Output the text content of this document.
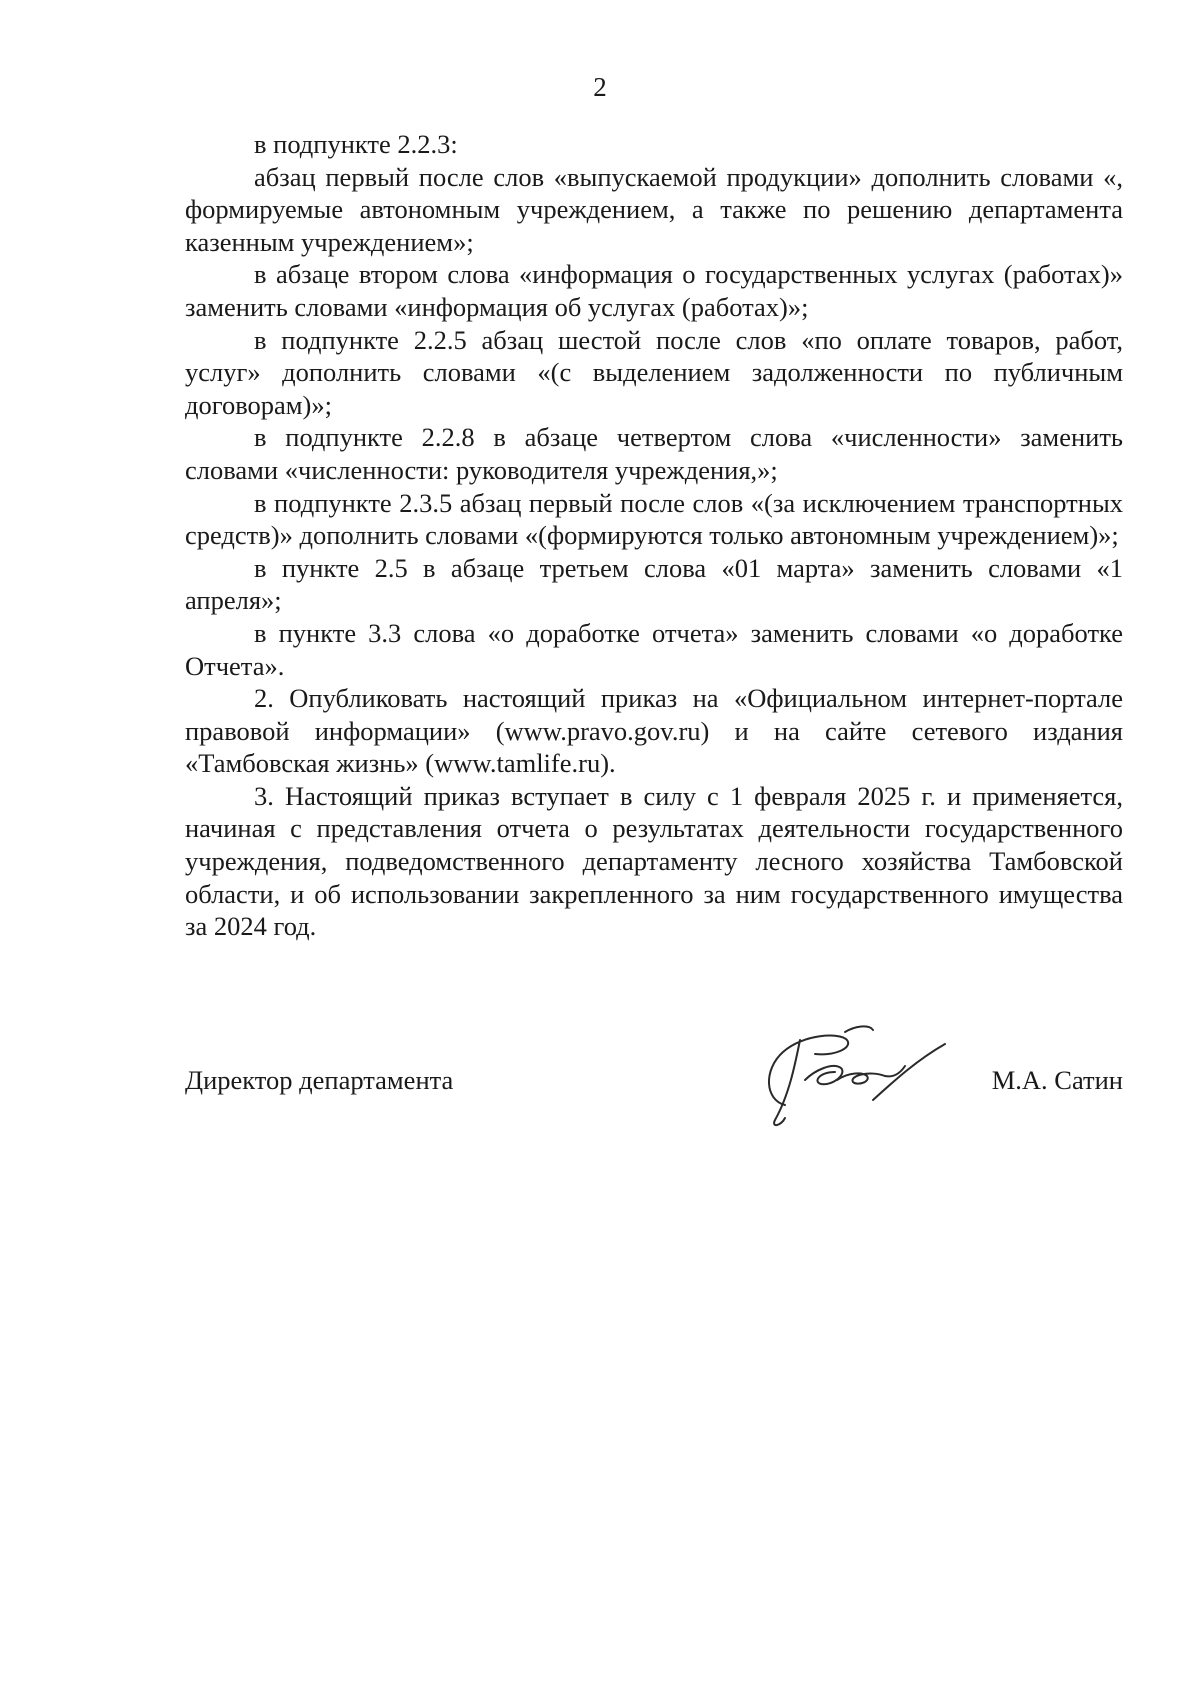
2

в подпункте 2.2.3:

абзац первый после слов «выпускаемой продукции» дополнить словами «, формируемые автономным учреждением, а также по решению департамента казенным учреждением»;

в абзаце втором слова «информация о государственных услугах (работах)» заменить словами «информация об услугах (работах)»;

в подпункте 2.2.5 абзац шестой после слов «по оплате товаров, работ, услуг» дополнить словами «(с выделением задолженности по публичным договорам)»;

в подпункте 2.2.8 в абзаце четвертом слова «численности» заменить словами «численности: руководителя учреждения,»;

в подпункте 2.3.5 абзац первый после слов «(за исключением транспортных средств)» дополнить словами «(формируются только автономным учреждением)»;

в пункте 2.5 в абзаце третьем слова «01 марта» заменить словами «1 апреля»;

в пункте 3.3 слова «о доработке отчета» заменить словами «о доработке Отчета».

2. Опубликовать настоящий приказ на «Официальном интернет-портале правовой информации» (www.pravo.gov.ru) и на сайте сетевого издания «Тамбовская жизнь» (www.tamlife.ru).

3. Настоящий приказ вступает в силу с 1 февраля 2025 г. и применяется, начиная с представления отчета о результатах деятельности государственного учреждения, подведомственного департаменту лесного хозяйства Тамбовской области, и об использовании закрепленного за ним государственного имущества за 2024 год.

Директор департамента	М.А. Сатин
